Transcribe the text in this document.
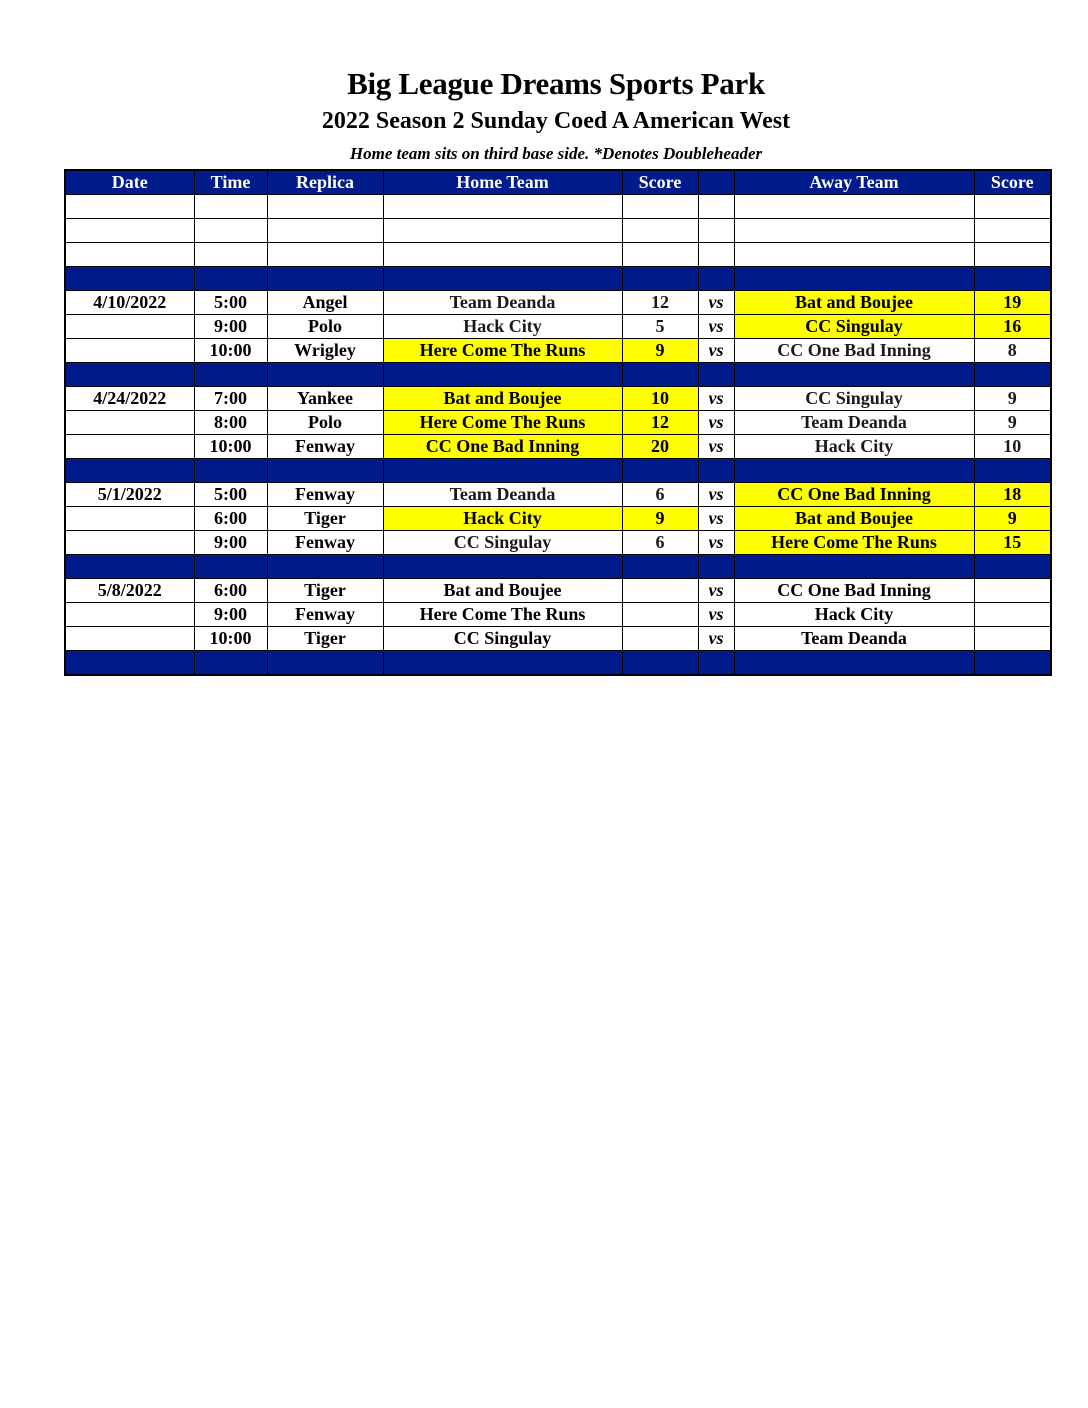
Big League Dreams Sports Park
2022 Season 2 Sunday Coed A American West
Home team sits on third base side. *Denotes Doubleheader
Date	Time	Replica	Home Team	Score		Away Team	Score

4/10/2022	5:00	Angel	Team Deanda	12	vs	Bat and Boujee	19
	9:00	Polo	Hack City	5	vs	CC Singulay	16
	10:00	Wrigley	Here Come The Runs	9	vs	CC One Bad Inning	8

4/24/2022	7:00	Yankee	Bat and Boujee	10	vs	CC Singulay	9
	8:00	Polo	Here Come The Runs	12	vs	Team Deanda	9
	10:00	Fenway	CC One Bad Inning	20	vs	Hack City	10

5/1/2022	5:00	Fenway	Team Deanda	6	vs	CC One Bad Inning	18
	6:00	Tiger	Hack City	9	vs	Bat and Boujee	9
	9:00	Fenway	CC Singulay	6	vs	Here Come The Runs	15

5/8/2022	6:00	Tiger	Bat and Boujee		vs	CC One Bad Inning	
	9:00	Fenway	Here Come The Runs		vs	Hack City	
	10:00	Tiger	CC Singulay		vs	Team Deanda	
